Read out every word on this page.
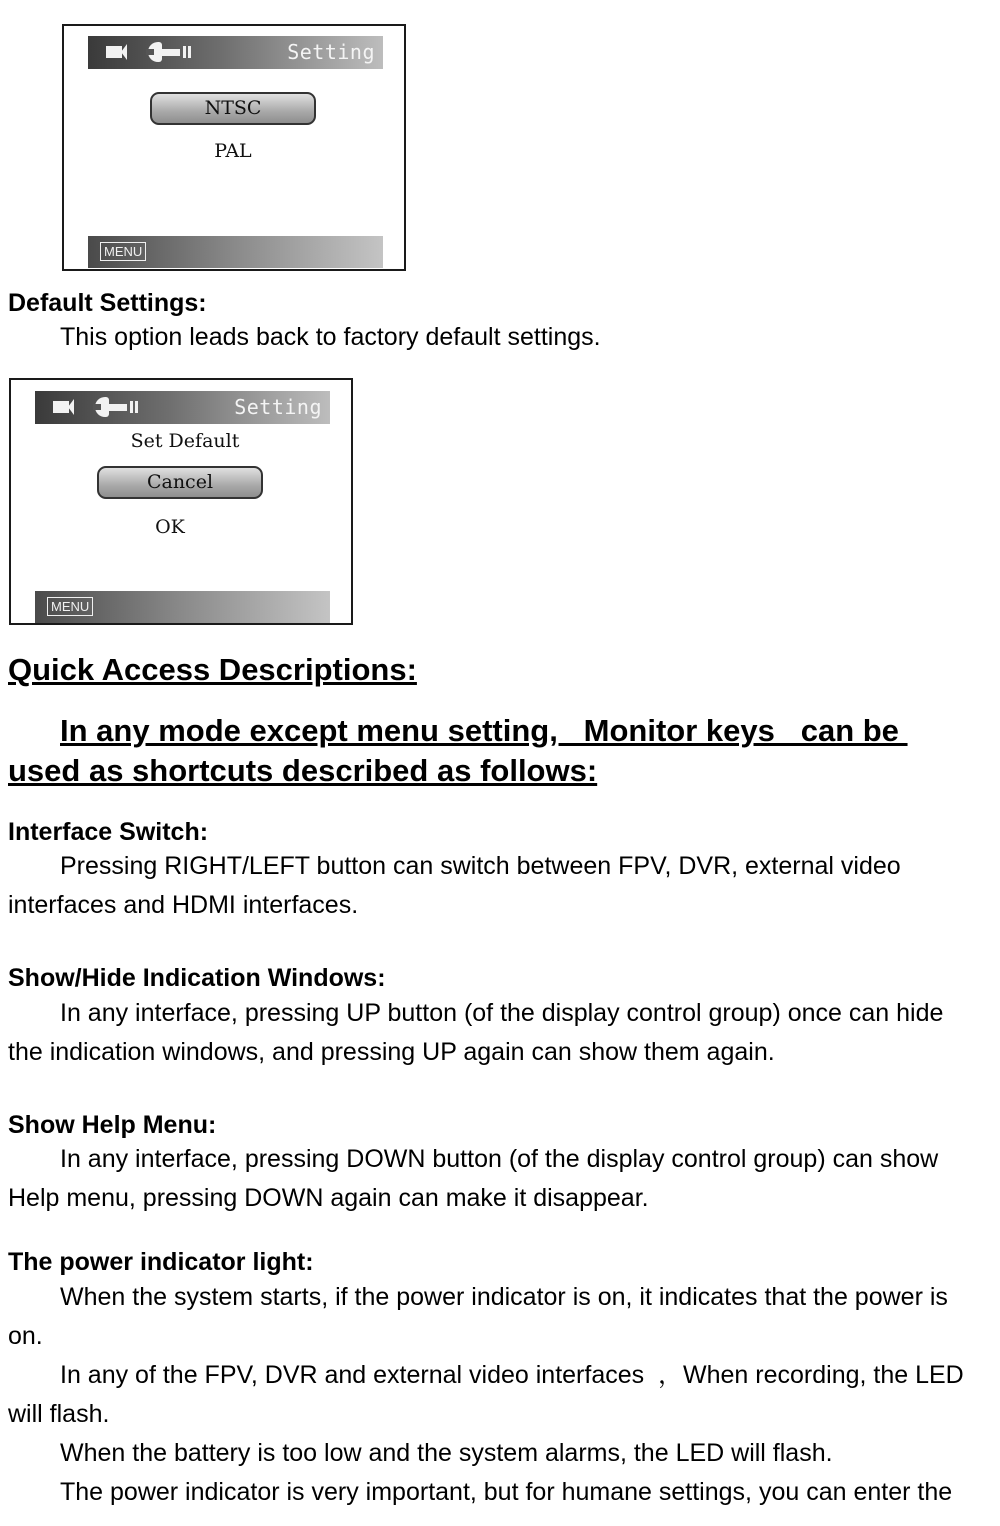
Setting
NTSC
PAL
MENU
Default Settings:
This option leads back to factory default settings.
Setting
Set Default
Cancel
OK
MENU
Quick Access Descriptions:
In any mode except menu setting,   Monitor keys   can be
used as shortcuts described as follows:
Interface Switch:
Pressing RIGHT/LEFT button can switch between FPV, DVR, external video
interfaces and HDMI interfaces.
Show/Hide Indication Windows:
In any interface, pressing UP button (of the display control group) once can hide
the indication windows, and pressing UP again can show them again.
Show Help Menu:
In any interface, pressing DOWN button (of the display control group) can show
Help menu, pressing DOWN again can make it disappear.
The power indicator light:
When the system starts, if the power indicator is on, it indicates that the power is
on.
In any of the FPV, DVR and external video interfaces  ，When recording, the LED
will flash.
When the battery is too low and the system alarms, the LED will flash.
The power indicator is very important, but for humane settings, you can enter the
